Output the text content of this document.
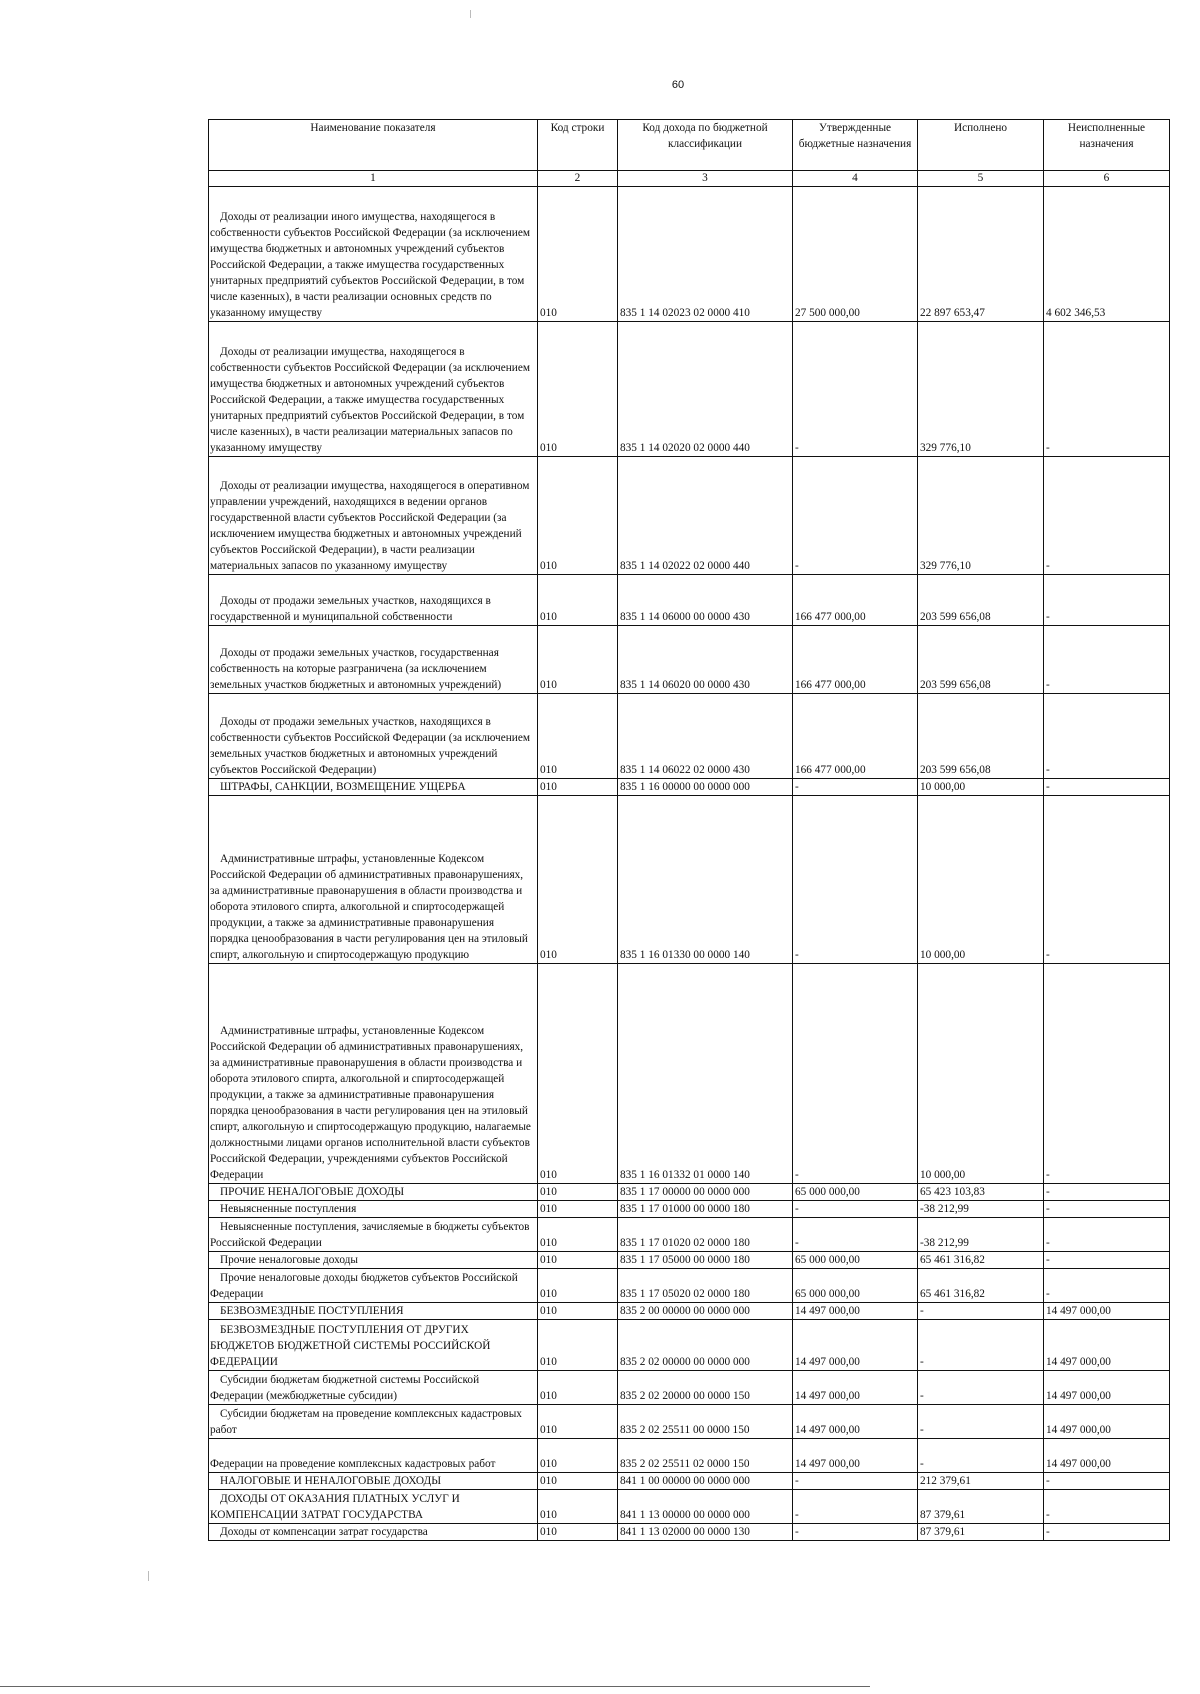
60
Наименование показателя	Код строки	Код дохода по бюджетной классификации	Утвержденные бюджетные назначения	Исполнено	Неисполненные назначения
1	2	3	4	5	6
Доходы от реализации иного имущества, находящегося в собственности субъектов Российской Федерации (за исключением имущества бюджетных и автономных учреждений субъектов Российской Федерации, а также имущества государственных унитарных предприятий субъектов Российской Федерации, в том числе казенных), в части реализации основных средств по указанному имуществу	010	835 1 14 02023 02 0000 410	27 500 000,00	22 897 653,47	4 602 346,53
Доходы от реализации имущества, находящегося в собственности субъектов Российской Федерации (за исключением имущества бюджетных и автономных учреждений субъектов Российской Федерации, а также имущества государственных унитарных предприятий субъектов Российской Федерации, в том числе казенных), в части реализации материальных запасов по указанному имуществу	010	835 1 14 02020 02 0000 440	-	329 776,10	-
Доходы от реализации имущества, находящегося в оперативном управлении учреждений, находящихся в ведении органов государственной власти субъектов Российской Федерации (за исключением имущества бюджетных и автономных учреждений субъектов Российской Федерации), в части реализации материальных запасов по указанному имуществу	010	835 1 14 02022 02 0000 440	-	329 776,10	-
Доходы от продажи земельных участков, находящихся в государственной и муниципальной собственности	010	835 1 14 06000 00 0000 430	166 477 000,00	203 599 656,08	-
Доходы от продажи земельных участков, государственная собственность на которые разграничена (за исключением земельных участков бюджетных и автономных учреждений)	010	835 1 14 06020 00 0000 430	166 477 000,00	203 599 656,08	-
Доходы от продажи земельных участков, находящихся в собственности субъектов Российской Федерации (за исключением земельных участков бюджетных и автономных учреждений субъектов Российской Федерации)	010	835 1 14 06022 02 0000 430	166 477 000,00	203 599 656,08	-
ШТРАФЫ, САНКЦИИ, ВОЗМЕЩЕНИЕ УЩЕРБА	010	835 1 16 00000 00 0000 000	-	10 000,00	-
Административные штрафы, установленные Кодексом Российской Федерации об административных правонарушениях, за административные правонарушения в области производства и оборота этилового спирта, алкогольной и спиртосодержащей продукции, а также за административные правонарушения порядка ценообразования в части регулирования цен на этиловый спирт, алкогольную и спиртосодержащую продукцию	010	835 1 16 01330 00 0000 140	-	10 000,00	-
Административные штрафы, установленные Кодексом Российской Федерации об административных правонарушениях, за административные правонарушения в области производства и оборота этилового спирта, алкогольной и спиртосодержащей продукции, а также за административные правонарушения порядка ценообразования в части регулирования цен на этиловый спирт, алкогольную и спиртосодержащую продукцию, налагаемые должностными лицами органов исполнительной власти субъектов Российской Федерации, учреждениями субъектов Российской Федерации	010	835 1 16 01332 01 0000 140	-	10 000,00	-
ПРОЧИЕ НЕНАЛОГОВЫЕ ДОХОДЫ	010	835 1 17 00000 00 0000 000	65 000 000,00	65 423 103,83	-
Невыясненные поступления	010	835 1 17 01000 00 0000 180	-	-38 212,99	-
Невыясненные поступления, зачисляемые в бюджеты субъектов Российской Федерации	010	835 1 17 01020 02 0000 180	-	-38 212,99	-
Прочие неналоговые доходы	010	835 1 17 05000 00 0000 180	65 000 000,00	65 461 316,82	-
Прочие неналоговые доходы бюджетов субъектов Российской Федерации	010	835 1 17 05020 02 0000 180	65 000 000,00	65 461 316,82	-
БЕЗВОЗМЕЗДНЫЕ ПОСТУПЛЕНИЯ	010	835 2 00 00000 00 0000 000	14 497 000,00	-	14 497 000,00
БЕЗВОЗМЕЗДНЫЕ ПОСТУПЛЕНИЯ ОТ ДРУГИХ БЮДЖЕТОВ БЮДЖЕТНОЙ СИСТЕМЫ РОССИЙСКОЙ ФЕДЕРАЦИИ	010	835 2 02 00000 00 0000 000	14 497 000,00	-	14 497 000,00
Субсидии бюджетам бюджетной системы Российской Федерации (межбюджетные субсидии)	010	835 2 02 20000 00 0000 150	14 497 000,00	-	14 497 000,00
Субсидии бюджетам на проведение комплексных кадастровых работ	010	835 2 02 25511 00 0000 150	14 497 000,00	-	14 497 000,00
Федерации на проведение комплексных кадастровых работ	010	835 2 02 25511 02 0000 150	14 497 000,00	-	14 497 000,00
НАЛОГОВЫЕ И НЕНАЛОГОВЫЕ ДОХОДЫ	010	841 1 00 00000 00 0000 000	-	212 379,61	-
ДОХОДЫ ОТ ОКАЗАНИЯ ПЛАТНЫХ УСЛУГ И КОМПЕНСАЦИИ ЗАТРАТ ГОСУДАРСТВА	010	841 1 13 00000 00 0000 000	-	87 379,61	-
Доходы от компенсации затрат государства	010	841 1 13 02000 00 0000 130	-	87 379,61	-
